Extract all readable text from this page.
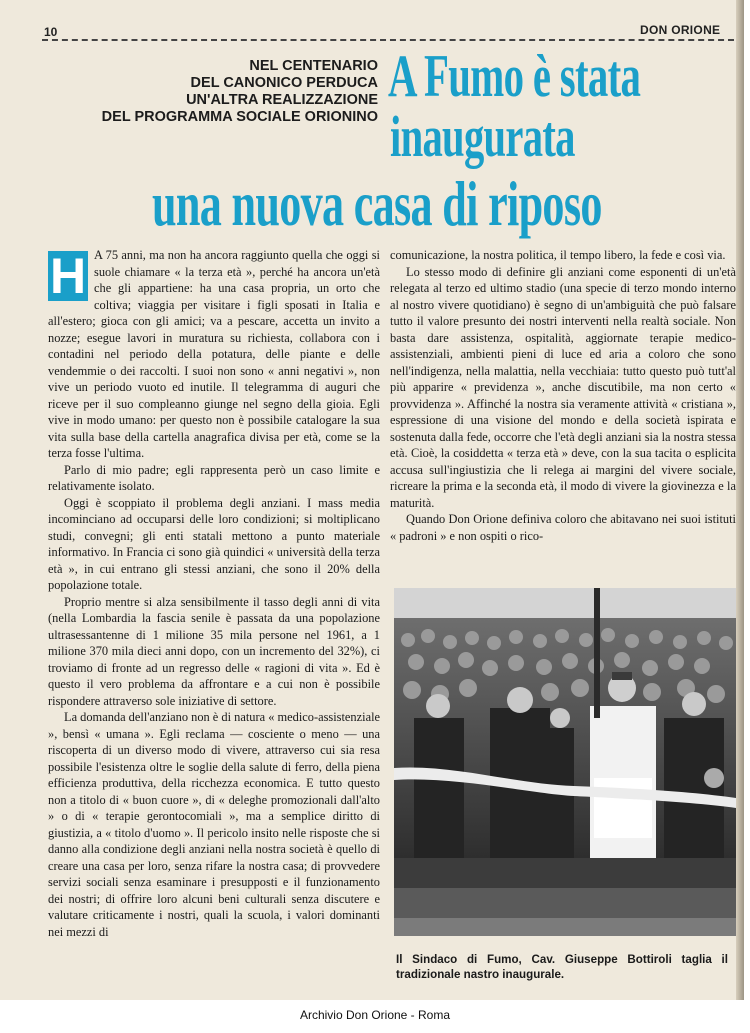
10	DON ORIONE
NEL CENTENARIO
DEL CANONICO PERDUCA
UN'ALTRA REALIZZAZIONE
DEL PROGRAMMA SOCIALE ORIONINO
A Fumo è stata
inaugurata
una nuova casa di riposo

H A 75 anni, ma non ha ancora raggiunto quella che oggi si suole chiamare « la terza età », perché ha ancora un'età che gli appartiene: ha una casa propria, un orto che coltiva; viaggia per visitare i figli sposati in Italia e all'estero; gioca con gli amici; va a pescare, accetta un invito a nozze; esegue lavori in muratura su richiesta, collabora con i contadini nel periodo della potatura, delle piante e delle vendemmie o dei raccolti. I suoi non sono « anni negativi », non vive un periodo vuoto ed inutile. Il telegramma di auguri che riceve per il suo compleanno giunge nel segno della gioia. Egli vive in modo umano: per questo non è possibile catalogare la sua vita sulla base della cartella anagrafica divisa per età, come se la terza fosse l'ultima.

Parlo di mio padre; egli rappresenta però un caso limite e relativamente isolato.

Oggi è scoppiato il problema degli anziani. I mass media incominciano ad occuparsi delle loro condizioni; si moltiplicano studi, convegni; gli enti statali mettono a punto materiale informativo. In Francia ci sono già quindici « università della terza età », in cui entrano gli stessi anziani, che sono il 20% della popolazione totale.

Proprio mentre si alza sensibilmente il tasso degli anni di vita (nella Lombardia la fascia senile è passata da una popolazione ultrasessantenne di 1 milione 35 mila persone nel 1961, a 1 milione 370 mila dieci anni dopo, con un incremento del 32%), ci troviamo di fronte ad un regresso delle « ragioni di vita ». Ed è questo il vero problema da affrontare e a cui non è possibile rispondere attraverso sole iniziative di settore.

La domanda dell'anziano non è di natura « medico-assistenziale », bensì « umana ». Egli reclama — cosciente o meno — una riscoperta di un diverso modo di vivere, attraverso cui sia resa possibile l'esistenza oltre le soglie della salute di ferro, della piena efficienza produttiva, della ricchezza economica. E tutto questo non a titolo di « buon cuore », di « deleghe promozionali dall'alto » o di « terapie gerontocomiali », ma a semplice diritto di giustizia, a « titolo d'uomo ». Il pericolo insito nelle risposte che si danno alla condizione degli anziani nella nostra società è quello di creare una casa per loro, senza rifare la nostra casa; di provvedere servizi sociali senza esaminare i presupposti e il funzionamento dei nostri; di offrire loro alcuni beni culturali senza discutere e valutare criticamente i nostri, quali la scuola, i valori dominanti nei mezzi di

comunicazione, la nostra politica, il tempo libero, la fede e così via.

Lo stesso modo di definire gli anziani come esponenti di un'età relegata al terzo ed ultimo stadio (una specie di terzo mondo interno al nostro vivere quotidiano) è segno di un'ambiguità che può falsare tutto il valore presunto dei nostri interventi nella realtà sociale. Non basta dare assistenza, ospitalità, aggiornate terapie medico-assistenziali, ambienti pieni di luce ed aria a coloro che sono nell'indigenza, nella malattia, nella vecchiaia: tutto questo può tutt'al più apparire « previdenza », anche discutibile, ma non certo « provvidenza ». Affinché la nostra sia veramente attività « cristiana », espressione di una visione del mondo e della società ispirata e sostenuta dalla fede, occorre che l'età degli anziani sia la nostra stessa età. Cioè, la cosiddetta « terza età » deve, con la sua tacita o esplicita accusa sull'ingiustizia che li relega ai margini del vivere sociale, ricreare la prima e la seconda età, il modo di vivere la giovinezza e la maturità.

Quando Don Orione definiva coloro che abitavano nei suoi istituti « padroni » e non ospiti o rico-

Il Sindaco di Fumo, Cav. Giuseppe Bottiroli taglia il tradizionale nastro inaugurale.
Archivio Don Orione - Roma
